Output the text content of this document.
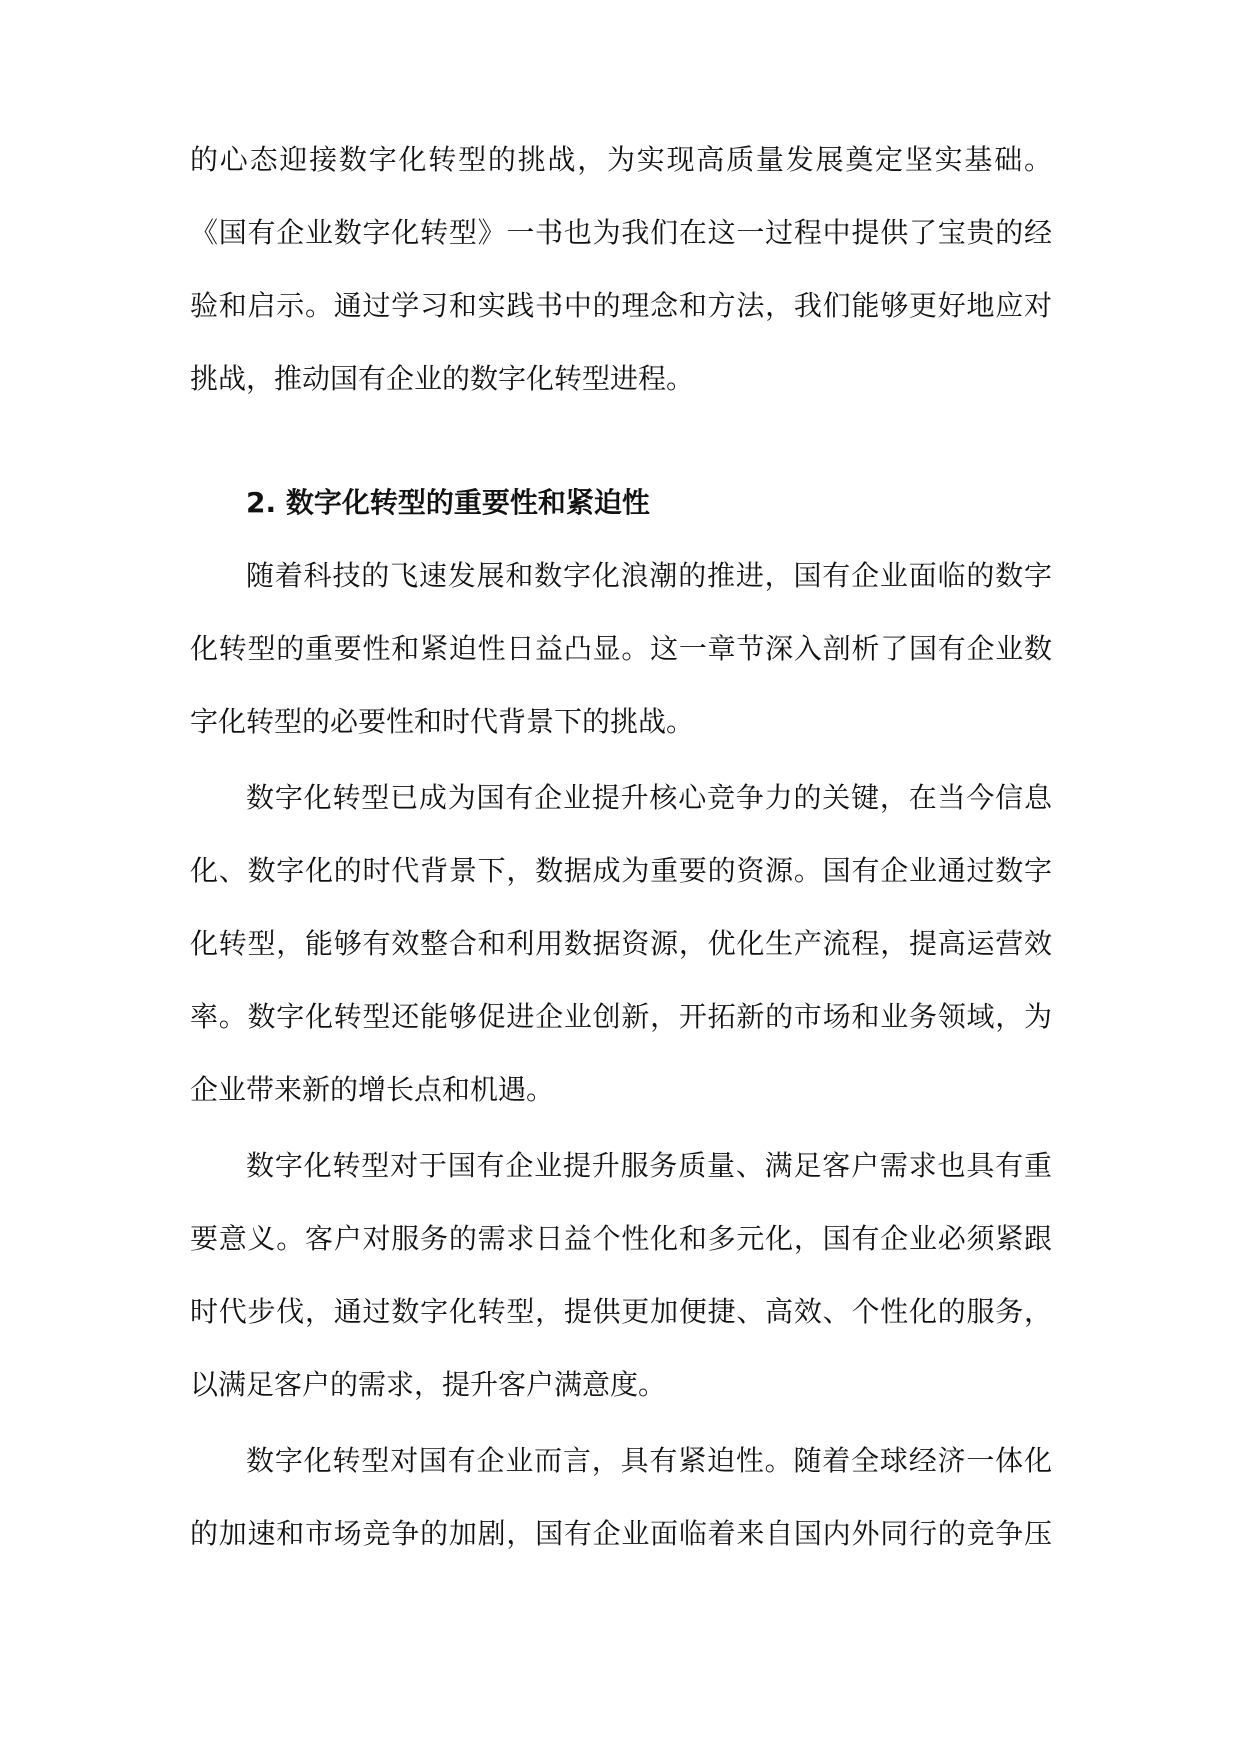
的心态迎接数字化转型的挑战，为实现高质量发展奠定坚实基础。
《国有企业数字化转型》一书也为我们在这一过程中提供了宝贵的经
验和启示。通过学习和实践书中的理念和方法，我们能够更好地应对
挑战，推动国有企业的数字化转型进程。
2. 数字化转型的重要性和紧迫性
随着科技的飞速发展和数字化浪潮的推进，国有企业面临的数字
化转型的重要性和紧迫性日益凸显。这一章节深入剖析了国有企业数
字化转型的必要性和时代背景下的挑战。
数字化转型已成为国有企业提升核心竞争力的关键，在当今信息
化、数字化的时代背景下，数据成为重要的资源。国有企业通过数字
化转型，能够有效整合和利用数据资源，优化生产流程，提高运营效
率。数字化转型还能够促进企业创新，开拓新的市场和业务领域，为
企业带来新的增长点和机遇。
数字化转型对于国有企业提升服务质量、满足客户需求也具有重
要意义。客户对服务的需求日益个性化和多元化，国有企业必须紧跟
时代步伐，通过数字化转型，提供更加便捷、高效、个性化的服务，
以满足客户的需求，提升客户满意度。
数字化转型对国有企业而言，具有紧迫性。随着全球经济一体化
的加速和市场竞争的加剧，国有企业面临着来自国内外同行的竞争压
